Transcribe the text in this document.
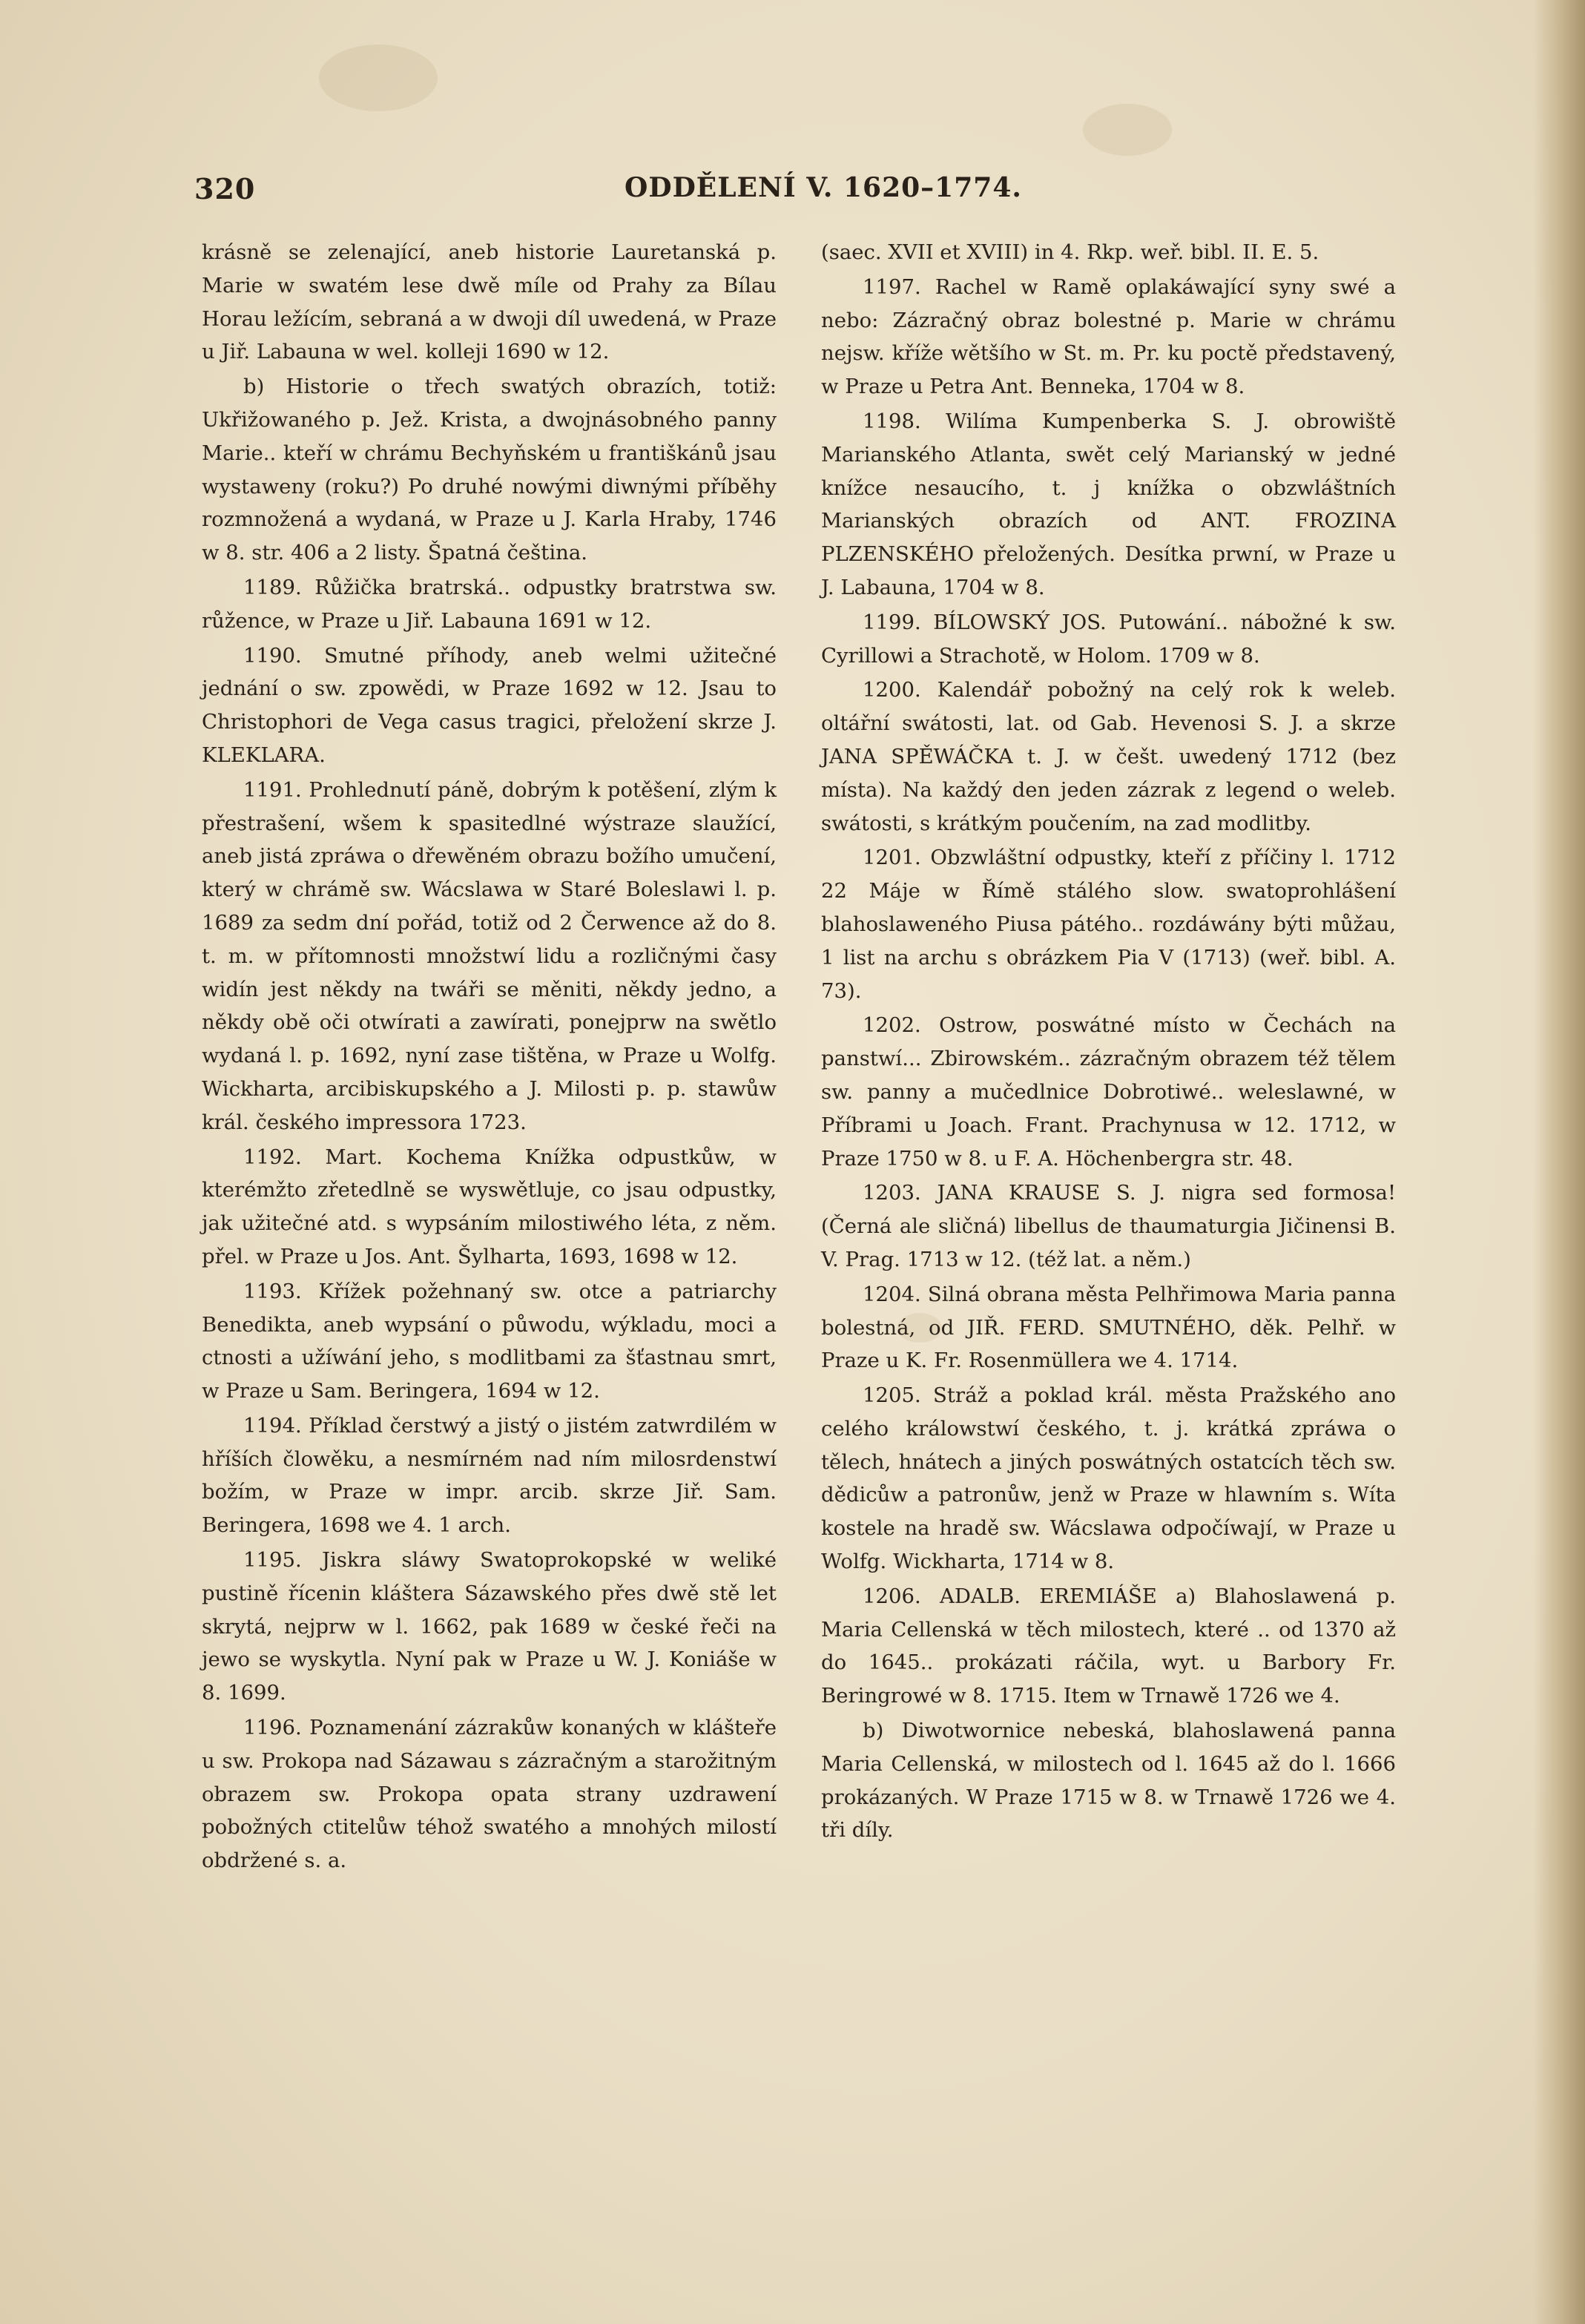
320	ODDĚLENÍ V. 1620–1774.

krásně se zelenající, aneb historie Lauretanská p. Marie w swatém lese dwě míle od Prahy za Bílau Horau ležícím, sebraná a w dwoji díl uwedená, w Praze u Jiř. Labauna w wel. kolleji 1690 w 12.

b) Historie o třech swatých obrazích, totiž: Ukřižowaného p. Jež. Krista, a dwojnásobného panny Marie.. kteří w chrámu Bechyňském u františkánů jsau wystaweny (roku?) Po druhé nowými diwnými příběhy rozmnožená a wydaná, w Praze u J. Karla Hraby, 1746 w 8. str. 406 a 2 listy. Špatná čeština.

1189. Růžička bratrská.. odpustky bratrstwa sw. růžence, w Praze u Jiř. Labauna 1691 w 12.

1190. Smutné příhody, aneb welmi užitečné jednání o sw. zpowědi, w Praze 1692 w 12. Jsau to Christophori de Vega casus tragici, přeložení skrze J. KLEKLARA.

1191. Prohlednutí páně, dobrým k potěšení, zlým k přestrašení, wšem k spasitedlné wýstraze slaužící, aneb jistá zpráwa o dřewěném obrazu božího umučení, který w chrámě sw. Wácslawa w Staré Boleslawi l. p. 1689 za sedm dní pořád, totiž od 2 Čerwence až do 8. t. m. w přítomnosti množstwí lidu a rozličnými časy widín jest někdy na twáři se měniti, někdy jedno, a někdy obě oči otwírati a zawírati, ponejprw na swětlo wydaná l. p. 1692, nyní zase tištěna, w Praze u Wolfg. Wickharta, arcibiskupského a J. Milosti p. p. stawůw král. českého impressora 1723.

1192. Mart. Kochema Knížka odpustkůw, w kterémžto zřetedlně se wyswětluje, co jsau odpustky, jak užitečné atd. s wypsáním milostiwého léta, z něm. přel. w Praze u Jos. Ant. Šylharta, 1693, 1698 w 12.

1193. Křížek požehnaný sw. otce a patriarchy Benedikta, aneb wypsání o půwodu, wýkladu, moci a ctnosti a užíwání jeho, s modlitbami za šťastnau smrt, w Praze u Sam. Beringera, 1694 w 12.

1194. Příklad čerstwý a jistý o jistém zatwrdilém w hříších člowěku, a nesmírném nad ním milosrdenstwí božím, w Praze w impr. arcib. skrze Jiř. Sam. Beringera, 1698 we 4. 1 arch.

1195. Jiskra sláwy Swatoprokopské w weliké pustině řícenin kláštera Sázawského přes dwě stě let skrytá, nejprw w l. 1662, pak 1689 w české řeči na jewo se wyskytla. Nyní pak w Praze u W. J. Koniáše w 8. 1699.

1196. Poznamenání zázrakůw konaných w klášteře u sw. Prokopa nad Sázawau s zázračným a starožitným obrazem sw. Prokopa opata strany uzdrawení pobožných ctitelůw téhož swatého a mnohých milostí obdržené s. a.

(saec. XVII et XVIII) in 4. Rkp. weř. bibl. II. E. 5.

1197. Rachel w Ramě oplakáwající syny swé a nebo: Zázračný obraz bolestné p. Marie w chrámu nejsw. kříže wětšího w St. m. Pr. ku poctě představený, w Praze u Petra Ant. Benneka, 1704 w 8.

1198. Wilíma Kumpenberka S. J. obrowiště Marianského Atlanta, swět celý Marianský w jedné knížce nesaucího, t. j knížka o obzwláštních Marianských obrazích od ANT. FROZINA PLZENSKÉHO přeložených. Desítka prwní, w Praze u J. Labauna, 1704 w 8.

1199. BÍLOWSKÝ JOS. Putowání.. nábožné k sw. Cyrillowi a Strachotě, w Holom. 1709 w 8.

1200. Kalendář pobožný na celý rok k weleb. oltářní swátosti, lat. od Gab. Hevenosi S. J. a skrze JANA SPĚWÁČKA t. J. w češt. uwedený 1712 (bez místa). Na každý den jeden zázrak z legend o weleb. swátosti, s krátkým poučením, na zad modlitby.

1201. Obzwláštní odpustky, kteří z příčiny l. 1712 22 Máje w Římě stálého slow. swatoprohlášení blahoslaweného Piusa pátého.. rozdáwány býti můžau, 1 list na archu s obrázkem Pia V (1713) (weř. bibl. A. 73).

1202. Ostrow, poswátné místo w Čechách na panstwí... Zbirowském.. zázračným obrazem též tělem sw. panny a mučedlnice Dobrotiwé.. weleslawné, w Příbrami u Joach. Frant. Prachynusa w 12. 1712, w Praze 1750 w 8. u F. A. Höchenbergra str. 48.

1203. JANA KRAUSE S. J. nigra sed formosa! (Černá ale sličná) libellus de thaumaturgia Jičinensi B. V. Prag. 1713 w 12. (též lat. a něm.)

1204. Silná obrana města Pelhřimowa Maria panna bolestná, od JIŘ. FERD. SMUTNÉHO, děk. Pelhř. w Praze u K. Fr. Rosenmüllera we 4. 1714.

1205. Stráž a poklad král. města Pražského ano celého králowstwí českého, t. j. krátká zpráwa o tělech, hnátech a jiných poswátných ostatcích těch sw. dědicůw a patronůw, jenž w Praze w hlawním s. Wíta kostele na hradě sw. Wácslawa odpočíwají, w Praze u Wolfg. Wickharta, 1714 w 8.

1206. ADALB. EREMIÁŠE a) Blahoslawená p. Maria Cellenská w těch milostech, které .. od 1370 až do 1645.. prokázati ráčila, wyt. u Barbory Fr. Beringrowé w 8. 1715. Item w Trnawě 1726 we 4.

b) Diwotwornice nebeská, blahoslawená panna Maria Cellenská, w milostech od l. 1645 až do l. 1666 prokázaných. W Praze 1715 w 8. w Trnawě 1726 we 4. tři díly.
